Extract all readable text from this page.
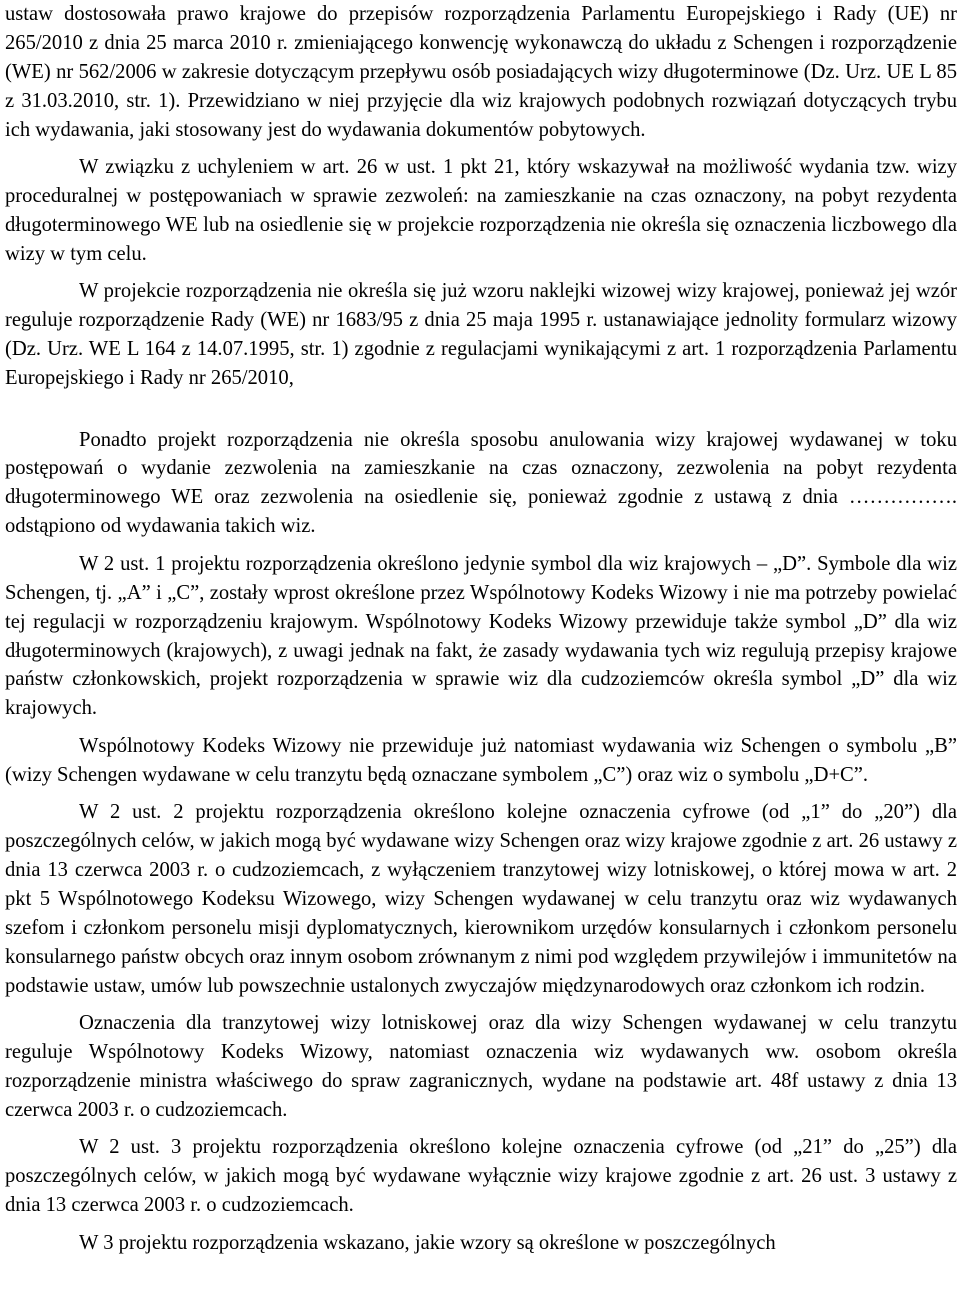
ustaw dostosowała prawo krajowe do przepisów rozporządzenia Parlamentu Europejskiego i Rady (UE) nr 265/2010 z dnia 25 marca 2010 r. zmieniającego konwencję wykonawczą do układu z Schengen i rozporządzenie (WE) nr 562/2006 w zakresie dotyczącym przepływu osób posiadających wizy długoterminowe (Dz. Urz. UE L 85 z 31.03.2010, str. 1). Przewidziano w niej przyjęcie dla wiz krajowych podobnych rozwiązań dotyczących trybu ich wydawania, jaki stosowany jest do wydawania dokumentów pobytowych.

W związku z uchyleniem w art. 26 w ust. 1 pkt 21, który wskazywał na możliwość wydania tzw. wizy proceduralnej w postępowaniach w sprawie zezwoleń: na zamieszkanie na czas oznaczony, na pobyt rezydenta długoterminowego WE lub na osiedlenie się w projekcie rozporządzenia nie określa się oznaczenia liczbowego dla wizy w tym celu.

W projekcie rozporządzenia nie określa się już wzoru naklejki wizowej wizy krajowej, ponieważ jej wzór reguluje rozporządzenie Rady (WE) nr 1683/95 z dnia 25 maja 1995 r. ustanawiające jednolity formularz wizowy (Dz. Urz. WE L 164 z 14.07.1995, str. 1) zgodnie z regulacjami wynikającymi z art. 1 rozporządzenia Parlamentu Europejskiego i Rady nr 265/2010,

Ponadto projekt rozporządzenia nie określa sposobu anulowania wizy krajowej wydawanej w toku postępowań o wydanie zezwolenia na zamieszkanie na czas oznaczony, zezwolenia na pobyt rezydenta długoterminowego WE oraz zezwolenia na osiedlenie się, ponieważ zgodnie z ustawą z dnia ……………. odstąpiono od wydawania takich wiz.

W 2 ust. 1 projektu rozporządzenia określono jedynie symbol dla wiz krajowych – „D”. Symbole dla wiz Schengen, tj. „A” i „C”, zostały wprost określone przez Wspólnotowy Kodeks Wizowy i nie ma potrzeby powielać tej regulacji w rozporządzeniu krajowym. Wspólnotowy Kodeks Wizowy przewiduje także symbol „D” dla wiz długoterminowych (krajowych), z uwagi jednak na fakt, że zasady wydawania tych wiz regulują przepisy krajowe państw członkowskich, projekt rozporządzenia w sprawie wiz dla cudzoziemców określa symbol „D” dla wiz krajowych.

Wspólnotowy Kodeks Wizowy nie przewiduje już natomiast wydawania wiz Schengen o symbolu „B” (wizy Schengen wydawane w celu tranzytu będą oznaczane symbolem „C”) oraz wiz o symbolu „D+C”.

W 2 ust. 2 projektu rozporządzenia określono kolejne oznaczenia cyfrowe (od „1” do „20”) dla poszczególnych celów, w jakich mogą być wydawane wizy Schengen oraz wizy krajowe zgodnie z art. 26 ustawy z dnia 13 czerwca 2003 r. o cudzoziemcach, z wyłączeniem tranzytowej wizy lotniskowej, o której mowa w art. 2 pkt 5 Wspólnotowego Kodeksu Wizowego, wizy Schengen wydawanej w celu tranzytu oraz wiz wydawanych szefom i członkom personelu misji dyplomatycznych, kierownikom urzędów konsularnych i członkom personelu konsularnego państw obcych oraz innym osobom zrównanym z nimi pod względem przywilejów i immunitetów na podstawie ustaw, umów lub powszechnie ustalonych zwyczajów międzynarodowych oraz członkom ich rodzin.

Oznaczenia dla tranzytowej wizy lotniskowej oraz dla wizy Schengen wydawanej w celu tranzytu reguluje Wspólnotowy Kodeks Wizowy, natomiast oznaczenia wiz wydawanych ww. osobom określa rozporządzenie ministra właściwego do spraw zagranicznych, wydane na podstawie art. 48f ustawy z dnia 13 czerwca 2003 r. o cudzoziemcach.

W 2 ust. 3 projektu rozporządzenia określono kolejne oznaczenia cyfrowe (od „21” do „25”) dla poszczególnych celów, w jakich mogą być wydawane wyłącznie wizy krajowe zgodnie z art. 26 ust. 3 ustawy z dnia 13 czerwca 2003 r. o cudzoziemcach.

W 3 projektu rozporządzenia wskazano, jakie wzory są określone w poszczególnych
